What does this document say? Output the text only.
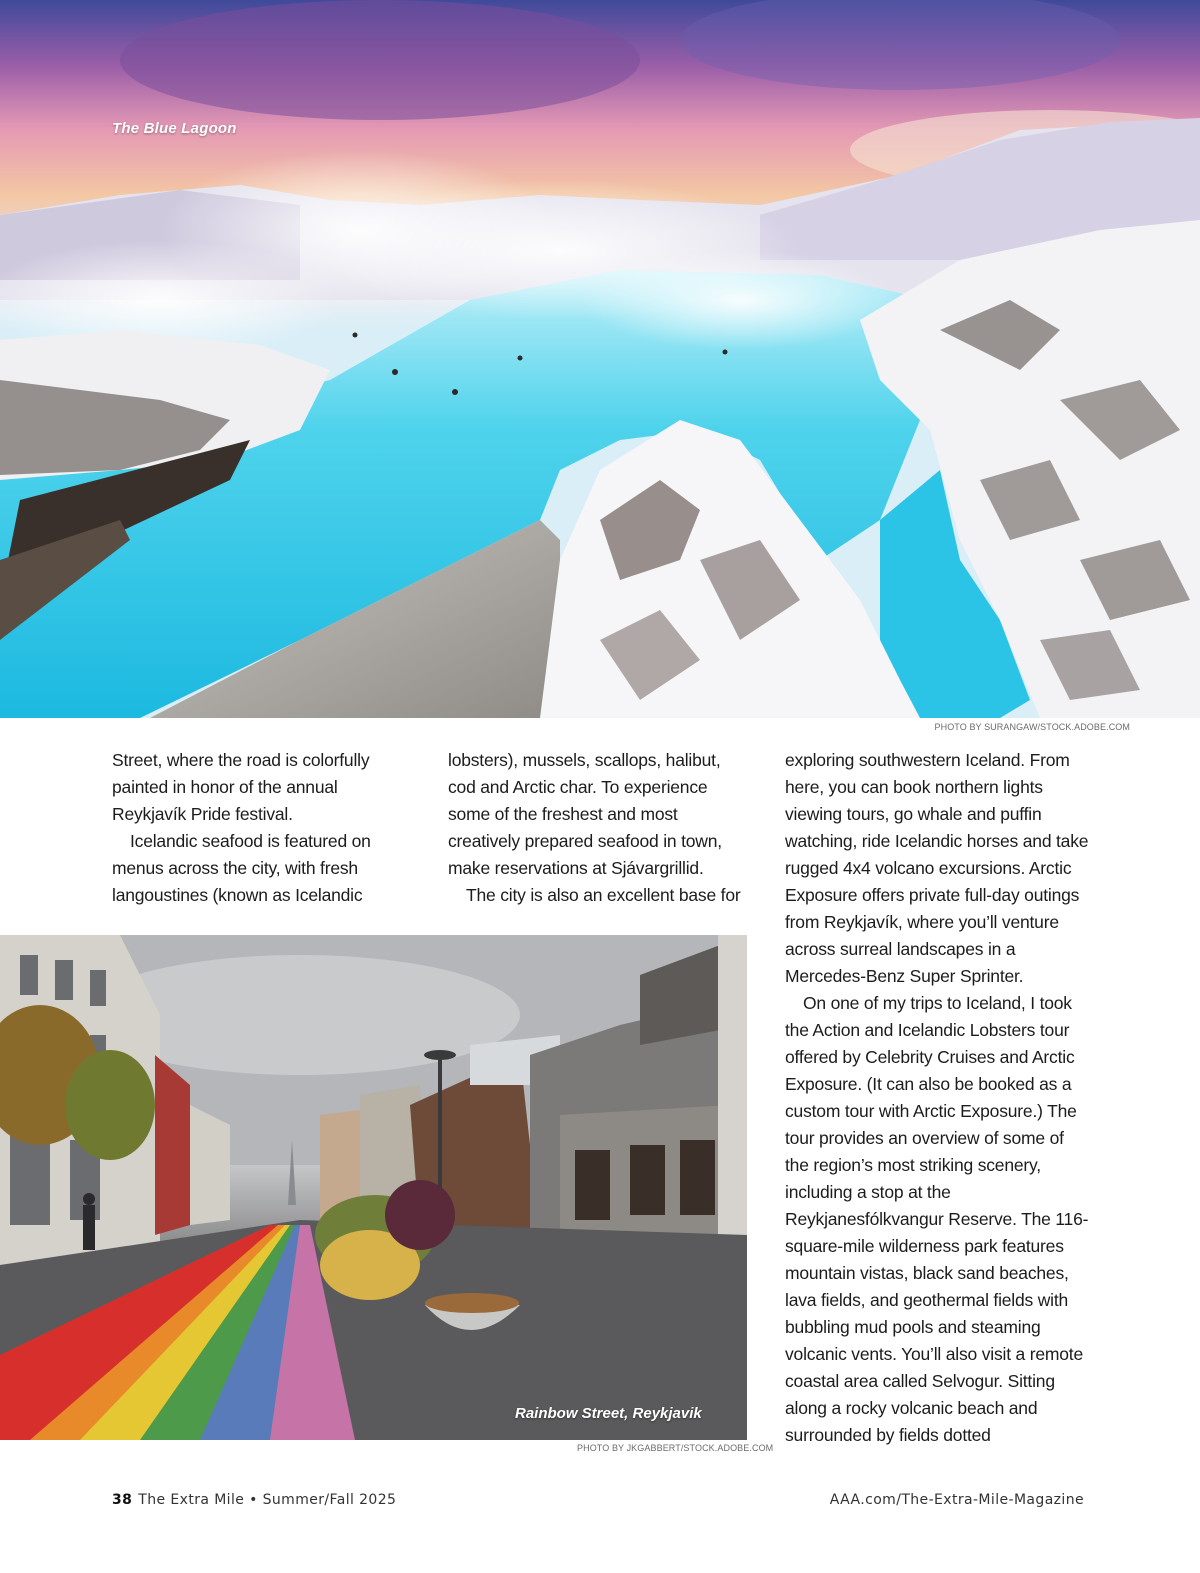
The Blue Lagoon
PHOTO BY SURANGAW/STOCK.ADOBE.COM

Street, where the road is colorfully painted in honor of the annual Reykjavík Pride festival.

Icelandic seafood is featured on menus across the city, with fresh langoustines (known as Icelandic

lobsters), mussels, scallops, halibut, cod and Arctic char. To experience some of the freshest and most creatively prepared seafood in town, make reservations at Sjávargrillid.

The city is also an excellent base for

exploring southwestern Iceland. From here, you can book northern lights viewing tours, go whale and puffin watching, ride Icelandic horses and take rugged 4x4 volcano excursions. Arctic Exposure offers private full-day outings from Reykjavík, where you’ll venture across surreal landscapes in a Mercedes-Benz Super Sprinter.

On one of my trips to Iceland, I took the Action and Icelandic Lobsters tour offered by Celebrity Cruises and Arctic Exposure. (It can also be booked as a custom tour with Arctic Exposure.) The tour provides an overview of some of the region’s most striking scenery, including a stop at the Reykjanesfólkvangur Reserve. The 116-square-mile wilderness park features mountain vistas, black sand beaches, lava fields, and geothermal fields with bubbling mud pools and steaming volcanic vents. You’ll also visit a remote coastal area called Selvogur. Sitting along a rocky volcanic beach and surrounded by fields dotted

Rainbow Street, Reykjavik
PHOTO BY JKGABBERT/STOCK.ADOBE.COM
38 The Extra Mile • Summer/Fall 2025	AAA.com/The-Extra-Mile-Magazine
